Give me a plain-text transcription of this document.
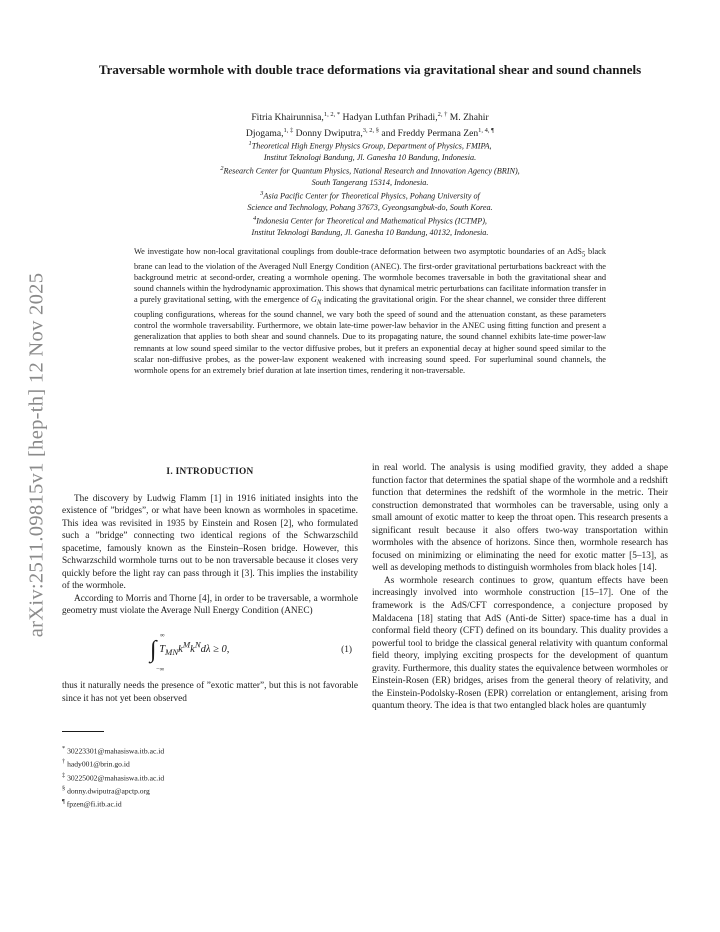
arXiv:2511.09815v1 [hep-th] 12 Nov 2025
Traversable wormhole with double trace deformations via gravitational shear and sound channels
Fitria Khairunnisa,$^{1, 2, *}$ Hadyan Luthfan Prihadi,$^{2, \dagger}$ M. Zhahir
Djogama,$^{1, \ddagger}$ Donny Dwiputra,$^{3, 2, \S}$ and Freddy Permana Zen$^{1, 4, \P}$
$^1$Theoretical High Energy Physics Group, Department of Physics, FMIPA,
Institut Teknologi Bandung, Jl. Ganesha 10 Bandung, Indonesia.
$^2$Research Center for Quantum Physics, National Research and Innovation Agency (BRIN),
South Tangerang 15314, Indonesia.
$^3$Asia Pacific Center for Theoretical Physics, Pohang University of
Science and Technology, Pohang 37673, Gyeongsangbuk-do, South Korea.
$^4$Indonesia Center for Theoretical and Mathematical Physics (ICTMP),
Institut Teknologi Bandung, Jl. Ganesha 10 Bandung, 40132, Indonesia.
We investigate how non-local gravitational couplings from double-trace deformation between two asymptotic boundaries of an AdS$_5$ black brane can lead to the violation of the Averaged Null Energy Condition (ANEC). The first-order gravitational perturbations backreact with the background metric at second-order, creating a wormhole opening. The wormhole becomes traversable in both the gravitational shear and sound channels within the hydrodynamic approximation. This shows that dynamical metric perturbations can facilitate information transfer in a purely gravitational setting, with the emergence of $G_N$ indicating the gravitational origin. For the shear channel, we consider three different coupling configurations, whereas for the sound channel, we vary both the speed of sound and the attenuation constant, as these parameters control the wormhole traversability. Furthermore, we obtain late-time power-law behavior in the ANEC using fitting function and present a generalization that applies to both shear and sound channels. Due to its propagating nature, the sound channel exhibits late-time power-law remnants at low sound speed similar to the vector diffusive probes, but it prefers an exponential decay at higher sound speed similar to the scalar non-diffusive probes, as the power-law exponent weakened with increasing sound speed. For superluminal sound channels, the wormhole opens for an extremely brief duration at late insertion times, rendering it non-traversable.
I. INTRODUCTION

The discovery by Ludwig Flamm [1] in 1916 initiated insights into the existence of ”bridges”, or what have been known as wormholes in spacetime. This idea was revisited in 1935 by Einstein and Rosen [2], who formulated such a ”bridge” connecting two identical regions of the Schwarzschild spacetime, famously known as the Einstein–Rosen bridge. However, this Schwarzschild wormhole turns out to be non traversable because it closes very quickly before the light ray can pass through it [3]. This implies the instability of the wormhole.

According to Morris and Thorne [4], in order to be traversable, a wormhole geometry must violate the Average Null Energy Condition (ANEC)

∞
∫
−∞
$T_{MN}k^Mk^Nd\lambda \ge 0$,	(1)

thus it naturally needs the presence of ”exotic matter”, but this is not favorable since it has not yet been observed

* 30223301@mahasiswa.itb.ac.id
† hady001@brin.go.id
‡ 30225002@mahasiswa.itb.ac.id
§ donny.dwiputra@apctp.org
¶ fpzen@fi.itb.ac.id

in real world. The analysis is using modified gravity, they added a shape function factor that determines the spatial shape of the wormhole and a redshift function that determines the redshift of the wormhole in the metric. Their construction demonstrated that wormholes can be traversable, using only a small amount of exotic matter to keep the throat open. This research presents a significant result because it also offers two-way transportation within wormholes with the absence of horizons. Since then, wormhole research has focused on minimizing or eliminating the need for exotic matter [5–13], as well as developing methods to distinguish wormholes from black holes [14].

As wormhole research continues to grow, quantum effects have been increasingly involved into wormhole construction [15–17]. One of the framework is the AdS/CFT correspondence, a conjecture proposed by Maldacena [18] stating that AdS (Anti-de Sitter) space-time has a dual in conformal field theory (CFT) defined on its boundary. This duality provides a powerful tool to bridge the classical general relativity with quantum conformal field theory, implying exciting prospects for the development of quantum gravity. Furthermore, this duality states the equivalence between wormholes or Einstein-Rosen (ER) bridges, arises from the general theory of relativity, and the Einstein-Podolsky-Rosen (EPR) correlation or entanglement, arising from quantum theory. The idea is that two entangled black holes are quantumly
